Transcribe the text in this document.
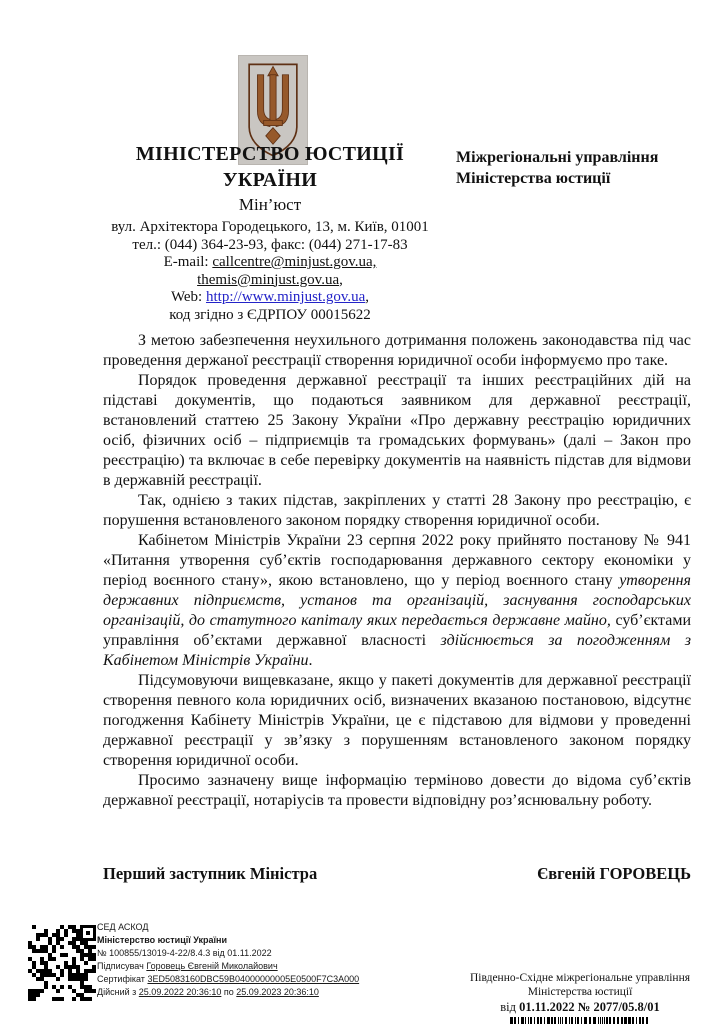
МІНІСТЕРСТВО ЮСТИЦІЇ
УКРАЇНИ
Мін’юст
вул. Архітектора Городецького, 13, м. Київ, 01001
тел.: (044) 364-23-93, факс: (044) 271-17-83
E-mail: callcentre@minjust.gov.ua,
themis@minjust.gov.ua,
Web: http://www.minjust.gov.ua,
код згідно з ЄДРПОУ 00015622
Міжрегіональні управління
Міністерства юстиції

З метою забезпечення неухильного дотримання положень законодавства під час проведення держаної реєстрації створення юридичної особи інформуємо про таке.

Порядок проведення державної реєстрації та інших реєстраційних дій на підставі документів, що подаються заявником для державної реєстрації, встановлений статтею 25 Закону України «Про державну реєстрацію юридичних осіб, фізичних осіб – підприємців та громадських формувань» (далі – Закон про реєстрацію) та включає в себе перевірку документів на наявність підстав для відмови в державній реєстрації.

Так, однією з таких підстав, закріплених у статті 28 Закону про реєстрацію, є порушення встановленого законом порядку створення юридичної особи.

Кабінетом Міністрів України 23 серпня 2022 року прийнято постанову № 941 «Питання утворення суб’єктів господарювання державного сектору економіки у період воєнного стану», якою встановлено, що у період воєнного стану утворення державних підприємств, установ та організацій, заснування господарських організацій, до статутного капіталу яких передається державне майно, суб’єктами управління об’єктами державної власності здійснюється за погодженням з Кабінетом Міністрів України.

Підсумовуючи вищевказане, якщо у пакеті документів для державної реєстрації створення певного кола юридичних осіб, визначених вказаною постановою, відсутнє погодження Кабінету Міністрів України, це є підставою для відмови у проведенні державної реєстрації у зв’язку з порушенням встановленого законом порядку створення юридичної особи.

Просимо зазначену вище інформацію терміново довести до відома суб’єктів державної реєстрації, нотаріусів та провести відповідну роз’яснювальну роботу.

Перший заступник Міністра	Євгеній ГОРОВЕЦЬ
СЕД АСКОД
Міністерство юстиції України
№ 100855/13019-4-22/8.4.3 від 01.11.2022
Підписувач Горовець Євгеній Миколайович
Сертифікат 3ED5083160DBC59B04000000005E0500F7C3A000
Дійсний з 25.09.2022 20:36:10 по 25.09.2023 20:36:10
Південно-Східне міжрегіональне управління Міністерства юстиції
від 01.11.2022 № 2077/05.8/01
